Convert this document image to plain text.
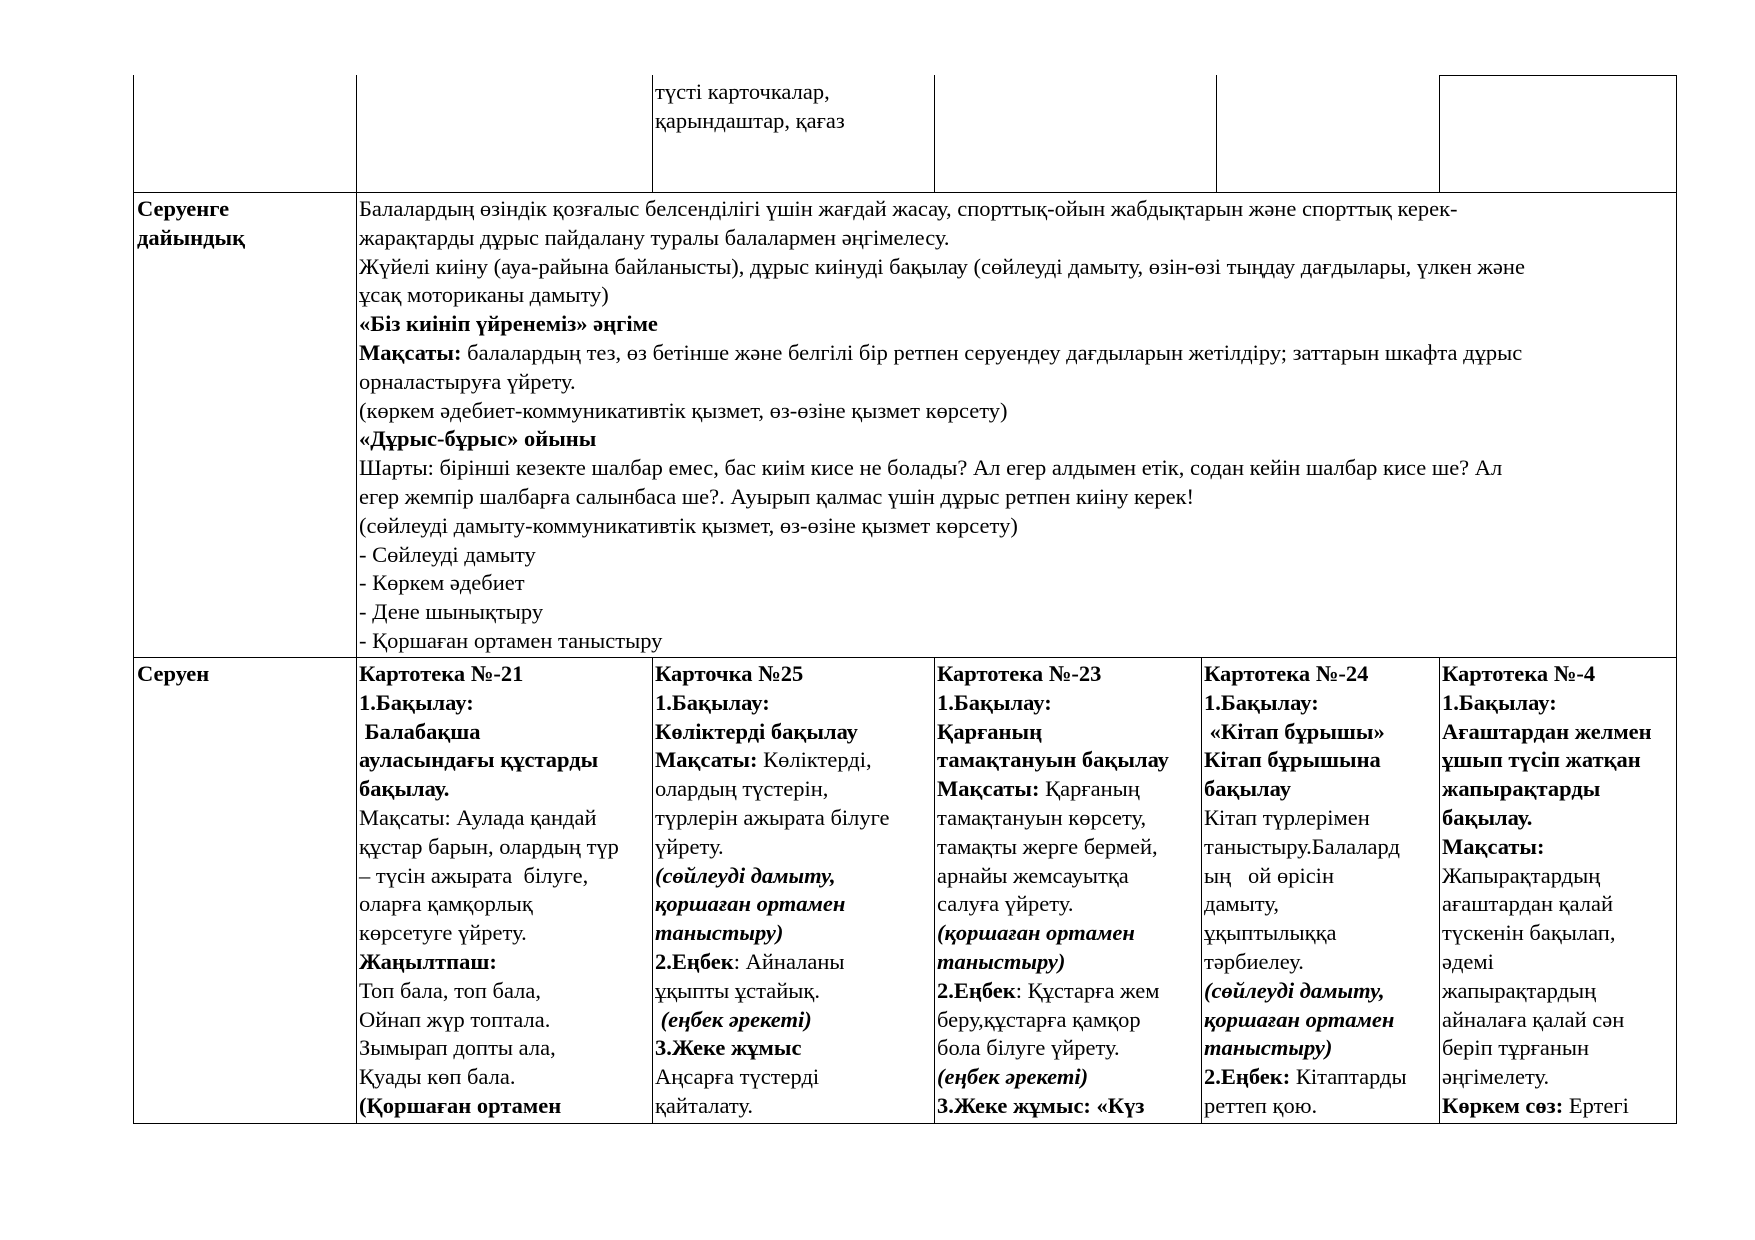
түсті карточкалар,
қарындаштар, қағаз
Серуенге
дайындық
Балалардың өзіндік қозғалыс белсенділігі үшін жағдай жасау, спорттық-ойын жабдықтарын және спорттық керек-
жарақтарды дұрыс пайдалану туралы балалармен әңгімелесу.
Жүйелі киіну (ауа-райына байланысты), дұрыс киінуді бақылау (сөйлеуді дамыту, өзін-өзі тыңдау дағдылары, үлкен және
ұсақ моториканы дамыту)
«Біз киініп үйренеміз» әңгіме
Мақсаты: балалардың тез, өз бетінше және белгілі бір ретпен серуендеу дағдыларын жетілдіру; заттарын шкафта дұрыс
орналастыруға үйрету.
(көркем әдебиет-коммуникативтік қызмет, өз-өзіне қызмет көрсету)
«Дұрыс-бұрыс» ойыны
Шарты: бірінші кезекте шалбар емес, бас киім кисе не болады? Ал егер алдымен етік, содан кейін шалбар кисе ше? Ал
егер жемпір шалбарға салынбаса ше?. Ауырып қалмас үшін дұрыс ретпен киіну керек!
(сөйлеуді дамыту-коммуникативтік қызмет, өз-өзіне қызмет көрсету)
- Сөйлеуді дамыту
- Көркем әдебиет
- Дене шынықтыру
- Қоршаған ортамен таныстыру
Серуен	Картотека №-21
1.Бақылау:
Балабақша
ауласындағы құстарды
бақылау.
Мақсаты: Аулада қандай
құстар барын, олардың түр
– түсін ажырата  білуге,
оларға қамқорлық
көрсетуге үйрету.
Жаңылтпаш:
Топ бала, топ бала,
Ойнап жүр топтала.
Зымырап допты ала,
Қуады көп бала.
(Қоршаған ортамен
Карточка №25
1.Бақылау:
Көліктерді бақылау
Мақсаты: Көліктерді,
олардың түстерін,
түрлерін ажырата білуге
үйрету.
(сөйлеуді дамыту,
қоршаған ортамен
таныстыру)
2.Еңбек: Айналаны
ұқыпты ұстайық.
(еңбек әрекеті)
3.Жеке жұмыс
Аңсарға түстерді
қайталату.
Картотека №-23
1.Бақылау:
Қарғаның
тамақтануын бақылау
Мақсаты: Қарғаның
тамақтануын көрсету,
тамақты жерге бермей,
арнайы жемсауытқа
салуға үйрету.
(қоршаған ортамен
таныстыру)
2.Еңбек: Құстарға жем
беру,құстарға қамқор
бола білуге үйрету.
(еңбек әрекеті)
3.Жеке жұмыс: «Күз
Картотека №-24
1.Бақылау:
«Кітап бұрышы»
Кітап бұрышына
бақылау
Кітап түрлерімен
таныстыру.Балалард
ың   ой өрісін
дамыту,
ұқыптылыққа
тәрбиелеу.
(сөйлеуді дамыту,
қоршаған ортамен
таныстыру)
2.Еңбек: Кітаптарды
реттеп қою.
Картотека №-4
1.Бақылау:
Ағаштардан желмен
ұшып түсіп жатқан
жапырақтарды
бақылау.
Мақсаты:
Жапырақтардың
ағаштардан қалай
түскенін бақылап,
әдемі
жапырақтардың
айналаға қалай сән
беріп тұрғанын
әңгімелету.
Көркем сөз: Ертегі
